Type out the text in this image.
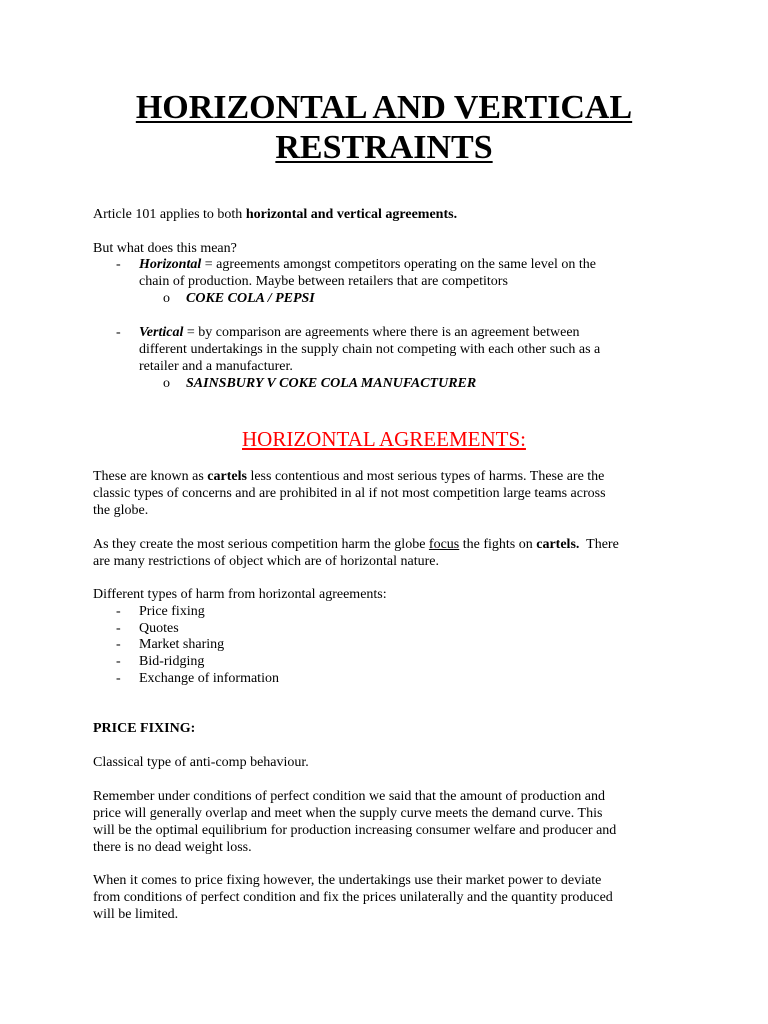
HORIZONTAL AND VERTICAL
RESTRAINTS
Article 101 applies to both horizontal and vertical agreements.
But what does this mean?
- Horizontal = agreements amongst competitors operating on the same level on the
chain of production. Maybe between retailers that are competitors
o COKE COLA / PEPSI
- Vertical = by comparison are agreements where there is an agreement between
different undertakings in the supply chain not competing with each other such as a
retailer and a manufacturer.
o SAINSBURY V COKE COLA MANUFACTURER
HORIZONTAL AGREEMENTS:
These are known as cartels less contentious and most serious types of harms. These are the
classic types of concerns and are prohibited in al if not most competition large teams across
the globe.
As they create the most serious competition harm the globe focus the fights on cartels.  There
are many restrictions of object which are of horizontal nature.
Different types of harm from horizontal agreements:
- Price fixing
- Quotes
- Market sharing
- Bid-ridging
- Exchange of information
PRICE FIXING:
Classical type of anti-comp behaviour.
Remember under conditions of perfect condition we said that the amount of production and
price will generally overlap and meet when the supply curve meets the demand curve. This
will be the optimal equilibrium for production increasing consumer welfare and producer and
there is no dead weight loss.
When it comes to price fixing however, the undertakings use their market power to deviate
from conditions of perfect condition and fix the prices unilaterally and the quantity produced
will be limited.
